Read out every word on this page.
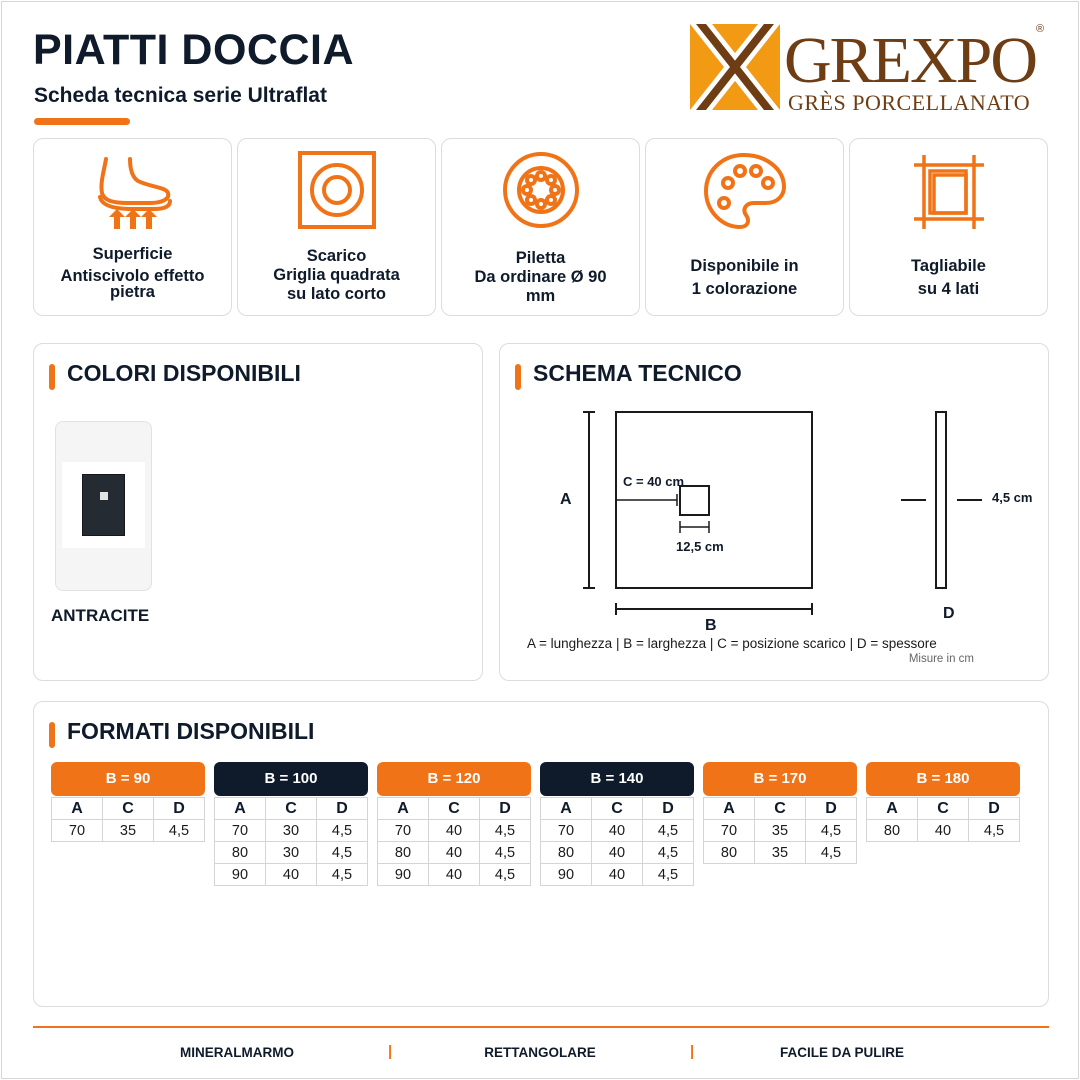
PIATTI DOCCIA
Scheda tecnica serie Ultraflat	GREXPO ®
GRÈS PORCELLANATO
Superficie
Antiscivolo effetto
pietra
Scarico
Griglia quadrata
su lato corto
Piletta
Da ordinare Ø 90
mm
Disponibile in
1 colorazione
Tagliabile
su 4 lati
COLORI DISPONIBILI
ANTRACITE
SCHEMA TECNICO
A
B
D
C = 40 cm
12,5 cm
4,5 cm
A = lunghezza | B = larghezza | C = posizione scarico | D = spessore
Misure in cm
FORMATI DISPONIBILI
B = 90
A	C	D
70	35	4,5
B = 100
A	C	D
70	30	4,5
80	30	4,5
90	40	4,5
B = 120
A	C	D
70	40	4,5
80	40	4,5
90	40	4,5
B = 140
A	C	D
70	40	4,5
80	40	4,5
90	40	4,5
B = 170
A	C	D
70	35	4,5
80	35	4,5
B = 180
A	C	D
80	40	4,5
MINERALMARMO	|	RETTANGOLARE	|	FACILE DA PULIRE
